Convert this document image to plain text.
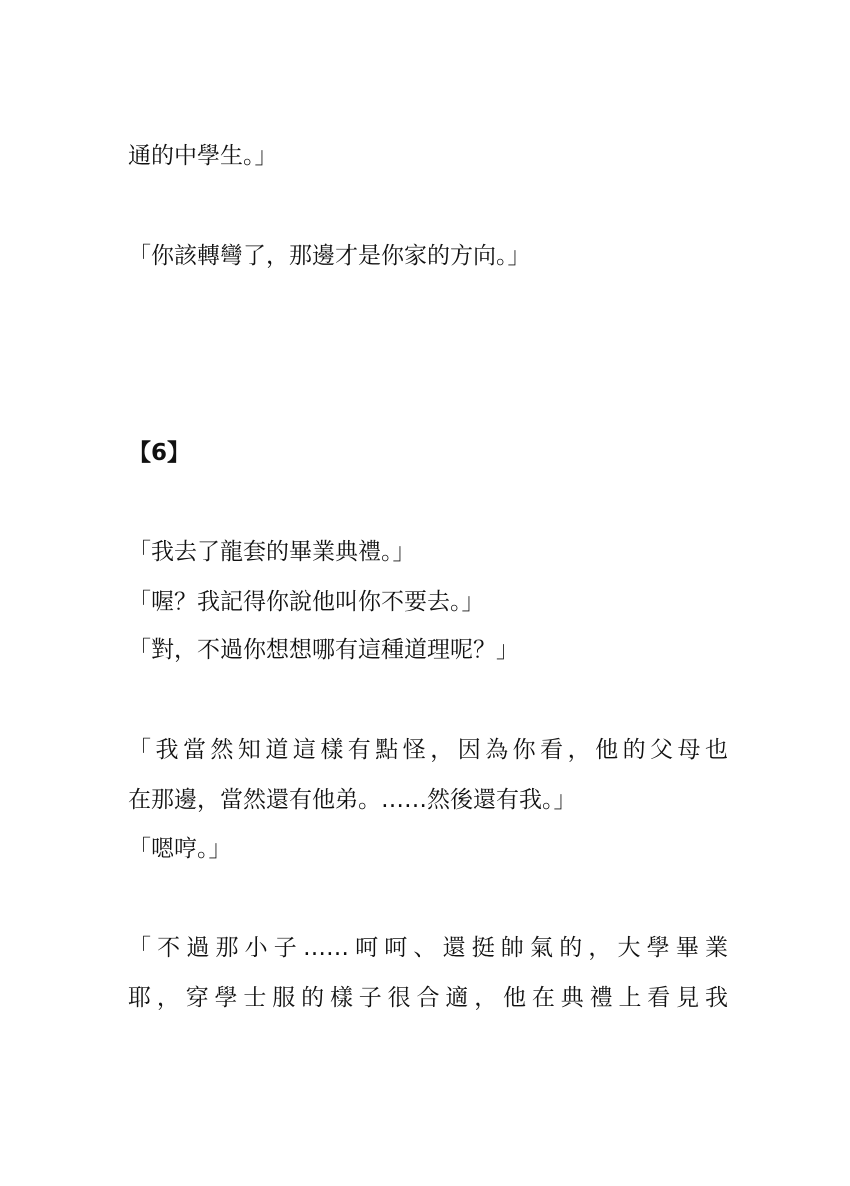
通的中學生。」
「你該轉彎了，那邊才是你家的方向。」
【6】
「我去了龍套的畢業典禮。」
「喔？我記得你說他叫你不要去。」
「對，不過你想想哪有這種道理呢？」
「我當然知道這樣有點怪，因為你看，他的父母也
在那邊，當然還有他弟。……然後還有我。」
「嗯哼。」
「不過那小子……呵呵、還挺帥氣的，大學畢業
耶，穿學士服的樣子很合適，他在典禮上看見我
